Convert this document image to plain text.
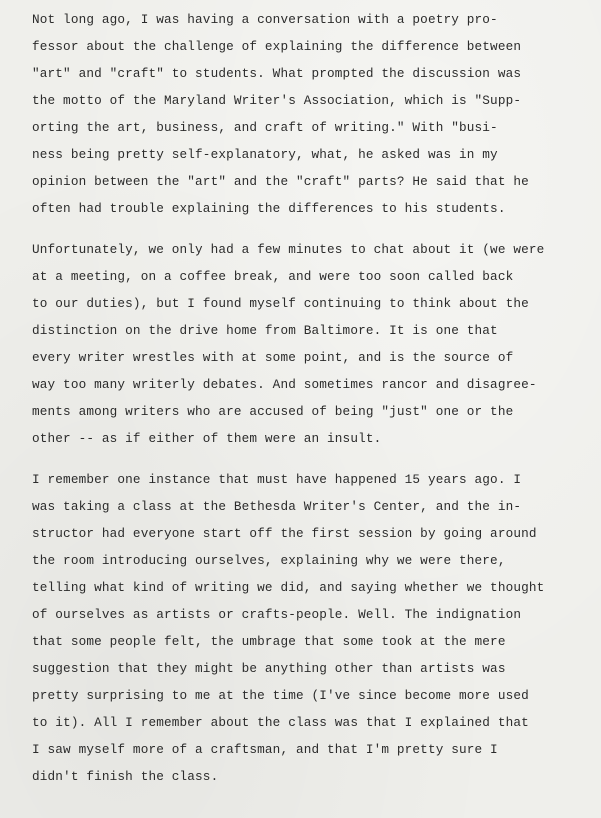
Not long ago, I was having a conversation with a poetry pro-
fessor about the challenge of explaining the difference between
"art" and "craft" to students. What prompted the discussion was
the motto of the Maryland Writer's Association, which is "Supp-
orting the art, business, and craft of writing." With "busi-
ness being pretty self-explanatory, what, he asked was in my
opinion between the "art" and the "craft" parts? He said that he
often had trouble explaining the differences to his students.

Unfortunately, we only had a few minutes to chat about it (we were
at a meeting, on a coffee break, and were too soon called back
to our duties), but I found myself continuing to think about the
distinction on the drive home from Baltimore. It is one that
every writer wrestles with at some point, and is the source of
way too many writerly debates. And sometimes rancor and disagree-
ments among writers who are accused of being "just" one or the
other -- as if either of them were an insult.

I remember one instance that must have happened 15 years ago. I
was taking a class at the Bethesda Writer's Center, and the in-
structor had everyone start off the first session by going around
the room introducing ourselves, explaining why we were there,
telling what kind of writing we did, and saying whether we thought
of ourselves as artists or crafts-people. Well. The indignation
that some people felt, the umbrage that some took at the mere
suggestion that they might be anything other than artists was
pretty surprising to me at the time (I've since become more used
to it). All I remember about the class was that I explained that
I saw myself more of a craftsman, and that I'm pretty sure I
didn't finish the class.
